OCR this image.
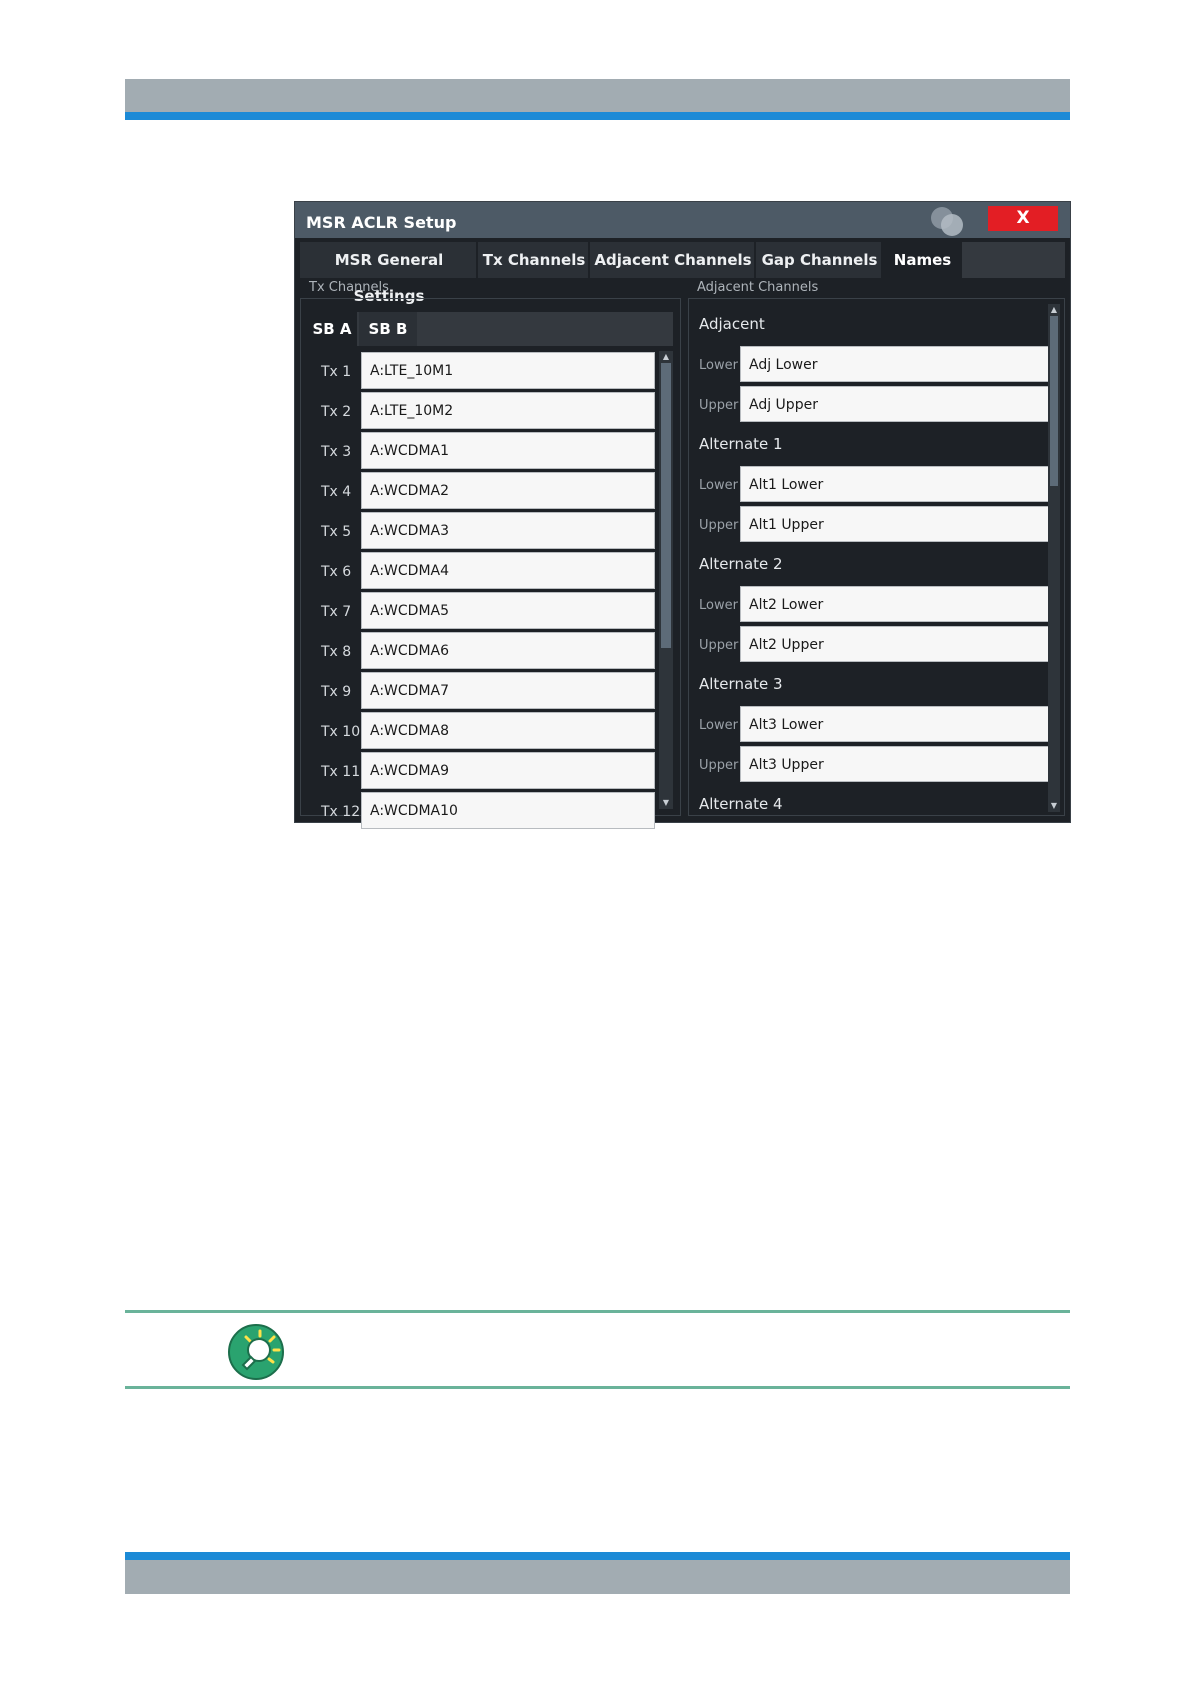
MSR ACLR Setup	X
MSR General Settings
Tx Channels Adjacent Channels Gap Channels	Names
Tx Channels
SB A	SB B
Tx 1	A:LTE_10M1
Tx 2	A:LTE_10M2
Tx 3	A:WCDMA1
Tx 4	A:WCDMA2
Tx 5	A:WCDMA3
Tx 6	A:WCDMA4
Tx 7	A:WCDMA5
Tx 8	A:WCDMA6
Tx 9	A:WCDMA7
Tx 10 A:WCDMA8
Tx 11 A:WCDMA9
Tx 12 A:WCDMA10
▲
▼
Adjacent Channels
Adjacent
Lower Adj Lower
Upper Adj Upper
Alternate 1
Lower Alt1 Lower
Upper Alt1 Upper
Alternate 2
Lower Alt2 Lower
Upper Alt2 Upper
Alternate 3
Lower Alt3 Lower
Upper Alt3 Upper
Alternate 4
▲
▼
